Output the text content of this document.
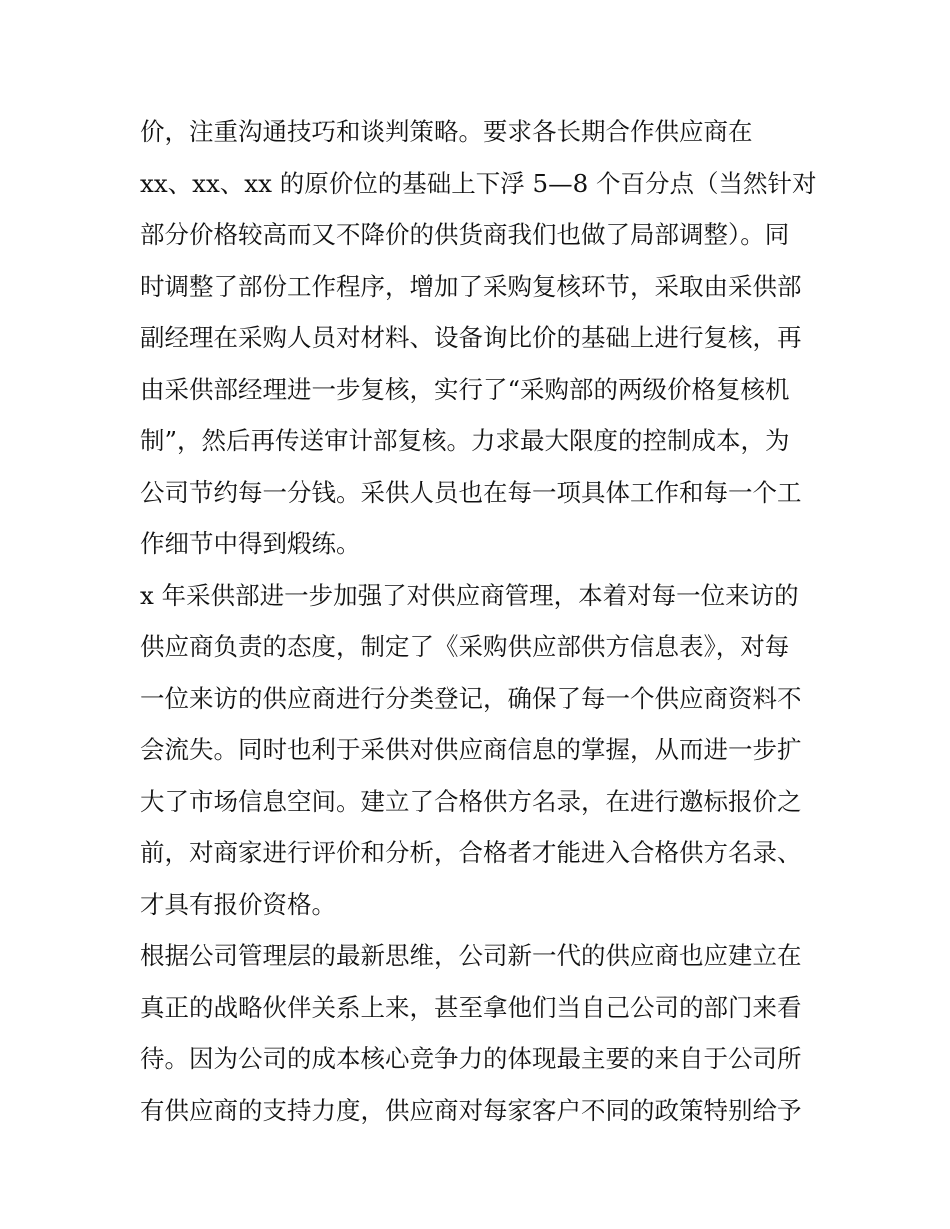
价，注重沟通技巧和谈判策略。要求各长期合作供应商在
xx、xx、xx 的原价位的基础上下浮 5—8 个百分点（当然针对
部分价格较高而又不降价的供货商我们也做了局部调整）。同
时调整了部份工作程序，增加了采购复核环节，采取由采供部
副经理在采购人员对材料、设备询比价的基础上进行复核，再
由采供部经理进一步复核，实行了“采购部的两级价格复核机
制”，然后再传送审计部复核。力求最大限度的控制成本，为
公司节约每一分钱。采供人员也在每一项具体工作和每一个工
作细节中得到煅练。
x 年采供部进一步加强了对供应商管理，本着对每一位来访的
供应商负责的态度，制定了《采购供应部供方信息表》，对每
一位来访的供应商进行分类登记，确保了每一个供应商资料不
会流失。同时也利于采供对供应商信息的掌握，从而进一步扩
大了市场信息空间。建立了合格供方名录，在进行邀标报价之
前，对商家进行评价和分析，合格者才能进入合格供方名录、
才具有报价资格。
根据公司管理层的最新思维，公司新一代的供应商也应建立在
真正的战略伙伴关系上来，甚至拿他们当自己公司的部门来看
待。因为公司的成本核心竞争力的体现最主要的来自于公司所
有供应商的支持力度，供应商对每家客户不同的政策特别给予
